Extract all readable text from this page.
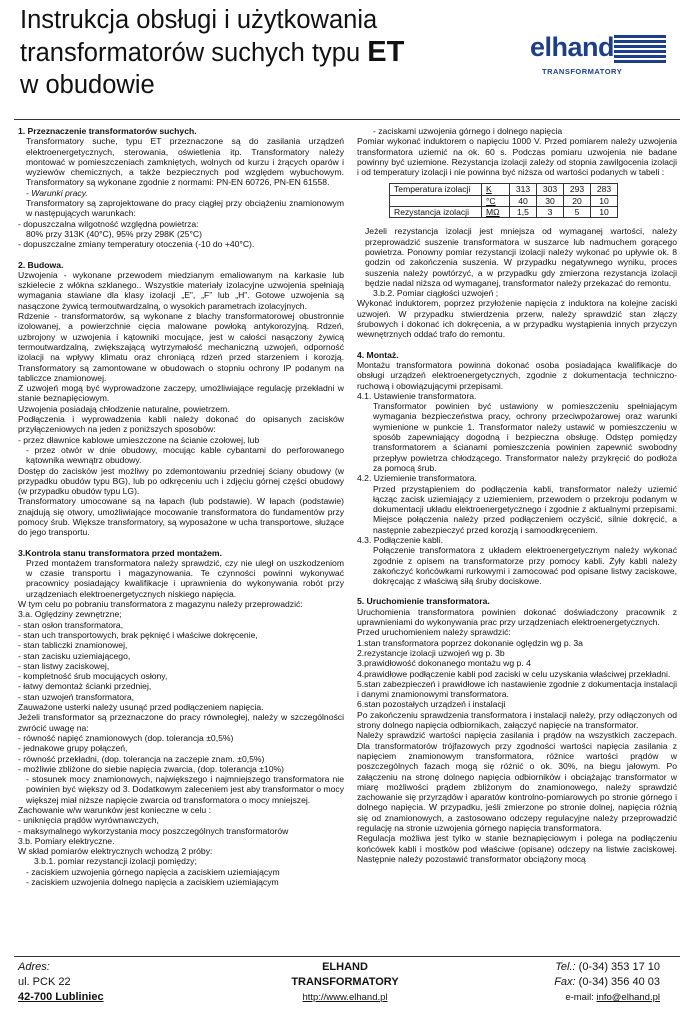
Instrukcja obsługi i użytkowania
transformatorów suchych typu ET
w obudowie
elhand
TRANSFORMATORY
1. Przeznaczenie transformatorów suchych.
Transformatory suche, typu ET przeznaczone są do zasilania urządzeń elektroenergetycznych, sterowania, oświetlenia itp. Transformatory należy montować w pomieszczeniach zamkniętych, wolnych od kurzu i żrących oparów i wyziewów chemicznych, a także bezpiecznych pod względem wybuchowym. Transformatory są wykonane zgodnie z normami: PN-EN 60726, PN-EN 61558.
- Warunki pracy.
Transformatory są zaprojektowane do pracy ciągłej przy obciążeniu znamionowym w następujących warunkach:
- dopuszczalna wilgotność względna powietrza:
80% przy 313K (40°C), 95% przy 298K (25°C)
- dopuszczalne zmiany temperatury otoczenia (-10 do +40°C).
2. Budowa.
Uzwojenia - wykonane przewodem miedzianym emaliowanym na karkasie lub szkielecie z włókna szklanego.. Wszystkie materiały izolacyjne uzwojenia spełniają wymagania stawiane dla klasy izolacji „E”, „F” lub „H”. Gotowe uzwojenia są nasączone żywicą termoutwardzalną, o wysokich parametrach izolacyjnych.
Rdzenie - transformatorów, są wykonane z blachy transformatorowej obustronnie izolowanej, a powierzchnie cięcia malowane powłoką antykorozyjną. Rdzeń, uzbrojony w uzwojenia i kątowniki mocujące, jest w całości nasączony żywicą termoutwardzalną, zwiększającą wytrzymałość mechaniczną uzwojeń, odporność izolacji na wpływy klimatu oraz chroniącą rdzeń przed starzeniem i korozją. Transformatory są zamontowane w obudowach o stopniu ochrony IP podanym na tabliczce znamionowej.
Z uzwojeń mogą być wyprowadzone zaczepy, umożliwiające regulację przekładni w stanie beznapięciowym.
Uzwojenia posiadają chłodzenie naturalne, powietrzem.
Podłączenia i wyprowadzenia kabli należy dokonać do opisanych zacisków przyłączeniowych na jeden z poniższych sposobów:
- przez dławnice kablowe umieszczone na ścianie czołowej, lub
- przez otwór w dnie obudowy, mocując kable cybantami do perforowanego kątownika wewnątrz obudowy.
Dostęp do zacisków jest możliwy po zdemontowaniu przedniej ściany obudowy (w przypadku obudów typu BG), lub po odkręceniu uch i zdjęciu górnej części obudowy (w przypadku obudów typu LG).
Transformatory umocowane są na łapach (lub podstawie). W łapach (podstawie) znajdują się otwory, umożliwiające mocowanie transformatora do fundamentów przy pomocy śrub. Większe transformatory, są wyposażone w ucha transportowe, służące do jego transportu.
3.Kontrola stanu transformatora przed montażem.
Przed montażem transformatora należy sprawdzić, czy nie uległ on uszkodzeniom w czasie transportu i magazynowania. Te czynności powinni wykonywać pracownicy posiadający kwalifikacje i uprawnienia do wykonywania robót przy urządzeniach elektroenergetycznych niskiego napięcia.
W tym celu po pobraniu transformatora z magazynu należy przeprowadzić:
3.a. Oględziny zewnętrzne;
- stan osłon transformatora,
- stan uch transportowych, brak pęknięć i właściwe dokręcenie,
- stan tabliczki znamionowej,
- stan zacisku uziemiającego,
- stan listwy zaciskowej,
- kompletność śrub mocujących osłony,
- łatwy demontaż ścianki przedniej,
- stan uzwojeń transformatora,
Zauważone usterki należy usunąć przed podłączeniem napięcia.
Jeżeli transformator są przeznaczone do pracy równoległej, należy w szczególności zwrócić uwagę na:
- równość napięć znamionowych (dop. tolerancja ±0,5%)
- jednakowe grupy połączeń,
- równość przekładni, (dop. tolerancja na zaczepie znam. ±0,5%)
- możliwie zbliżone do siebie napięcia zwarcia, (dop. tolerancja ±10%)
- stosunek mocy znamionowych, największego i najmniejszego transformatora nie powinien być większy od 3. Dodatkowym zaleceniem jest aby transformator o mocy większej miał niższe napięcie zwarcia od transformatora o mocy mniejszej.
Zachowanie w/w warunków jest konieczne w celu :
- uniknięcia prądów wyrównawczych,
- maksymalnego wykorzystania mocy poszczególnych transformatorów
3.b. Pomiary elektryczne.
W skład pomiarów elektrycznych wchodzą 2 próby:
3.b.1. pomiar rezystancji izolacji pomiędzy;
- zaciskiem uzwojenia górnego napięcia a zaciskiem uziemiającym
- zaciskiem uzwojenia dolnego napięcia a zaciskiem uziemiającym
- zaciskami uzwojenia górnego i dolnego napięcia
Pomiar wykonać induktorem o napięciu 1000 V. Przed pomiarem należy uzwojenia transformatora uziemić na ok. 60 s. Podczas pomiaru uzwojenia nie badane powinny być uziemione. Rezystancja izolacji zależy od stopnia zawilgocenia izolacji i od temperatury izolacji i nie powinna być niższa od wartości podanych w tabeli :
Temperatura izolacji	K	313	303	293	283
	°C	40	30	20	10
Rezystancja izolacji	MΩ	1,5	3	5	10
Jeżeli rezystancja izolacji jest mniejsza od wymaganej wartości, należy przeprowadzić suszenie transformatora w suszarce lub nadmuchem gorącego powietrza. Ponowny pomiar rezystancji izolacji należy wykonać po upływie ok. 8 godzin od zakończenia suszenia. W przypadku negatywnego wyniku, proces suszenia należy powtórzyć, a w przypadku gdy zmierzona rezystancja izolacji będzie nadal niższa od wymaganej, transformator należy przekazać do remontu.
3.b.2. Pomiar ciągłości uzwojeń ;
Wykonać induktorem, poprzez przyłożenie napięcia z induktora na kolejne zaciski uzwojeń. W przypadku stwierdzenia przerw, należy sprawdzić stan złączy śrubowych i dokonać ich dokręcenia, a w przypadku wystąpienia innych przyczyn wewnętrznych oddać trafo do remontu.
4. Montaż.
Montażu transformatora powinna dokonać osoba posiadająca kwalifikacje do obsługi urządzeń elektroenergetycznych, zgodnie z dokumentacja techniczno-ruchową i obowiązującymi przepisami.
4.1. Ustawienie transformatora.
Transformator powinien być ustawiony w pomieszczeniu spełniającym wymagania bezpieczeństwa pracy, ochrony przeciwpożarowej oraz warunki wymienione w punkcie 1. Transformator należy ustawić w pomieszczeniu w sposób zapewniający dogodną i bezpieczna obsługę. Odstęp pomiędzy transformatorem a ścianami pomieszczenia powinien zapewnić swobodny przepływ powietrza chłodzącego. Transformator należy przykręcić do podłoża za pomocą śrub.
4.2. Uziemienie transformatora.
Przed przystąpieniem do podłączenia kabli, transformator należy uziemić łącząc zacisk uziemiający z uziemieniem, przewodem o przekroju podanym w dokumentacji układu elektroenergetycznego i zgodnie z aktualnymi przepisami. Miejsce połączenia należy przed podłączeniem oczyścić, silnie dokręcić, a następnie zabezpieczyć przed korozją i samoodkręceniem.
4.3. Podłączenie kabli.
Połączenie transformatora z układem elektroenergetycznym należy wykonać zgodnie z opisem na transformatorze przy pomocy kabli. Żyły kabli należy zakończyć końcówkami rurkowymi i zamocować pod opisane listwy zaciskowe, dokręcając z właściwą siłą śruby dociskowe.
5. Uruchomienie transformatora.
Uruchomienia transformatora powinien dokonać doświadczony pracownik z uprawnieniami do wykonywania prac przy urządzeniach elektroenergetycznych.
Przed uruchomieniem należy sprawdzić:
1.stan transformatora poprzez dokonanie oględzin wg p. 3a
2.rezystancje izolacji uzwojeń wg p. 3b
3.prawidłowość dokonanego montażu wg p. 4
4.prawidłowe podłączenie kabli pod zaciski w celu uzyskania właściwej przekładni.
5.stan zabezpieczeń i prawidłowe ich nastawienie zgodnie z dokumentacja instalacji i danymi znamionowymi transformatora.
6.stan pozostałych urządzeń i instalacji
Po zakończeniu sprawdzenia transformatora i instalacji należy, przy odłączonych od strony dolnego napięcia odbiornikach, załączyć napięcie na transformator.
Należy sprawdzić wartości napięcia zasilania i prądów na wszystkich zaczepach. Dla transformatorów trójfazowych przy zgodności wartości napięcia zasilania z napięciem znamionowym transformatora, różnice wartości prądów w poszczególnych fazach mogą się różnić o ok. 30%, na biegu jałowym. Po załączeniu na stronę dolnego napięcia odbiorników i obciążając transformator w miarę możliwości prądem zbliżonym do znamionowego, należy sprawdzić zachowanie się przyrządów i aparatów kontrolno-pomiarowych po stronie górnego i dolnego napięcia. W przypadku, jeśli zmierzone po stronie dolnej, napięcia różnią się od znamionowych, a zastosowano odczepy regulacyjne należy przeprowadzić regulację na stronie uzwojenia górnego napięcia transformatora.
Regulacja możliwa jest tylko w stanie beznapięciowym i polega na podłączeniu końcówek kabli i mostków pod właściwe (opisane) odczepy na listwie zaciskowej. Następnie należy pozostawić transformator obciążony mocą
Adres:
ul. PCK 22
42-700 Lubliniec
ELHAND
TRANSFORMATORY
http://www.elhand.pl
Tel.: (0-34) 353 17 10
Fax: (0-34) 356 40 03
e-mail: info@elhand.pl
